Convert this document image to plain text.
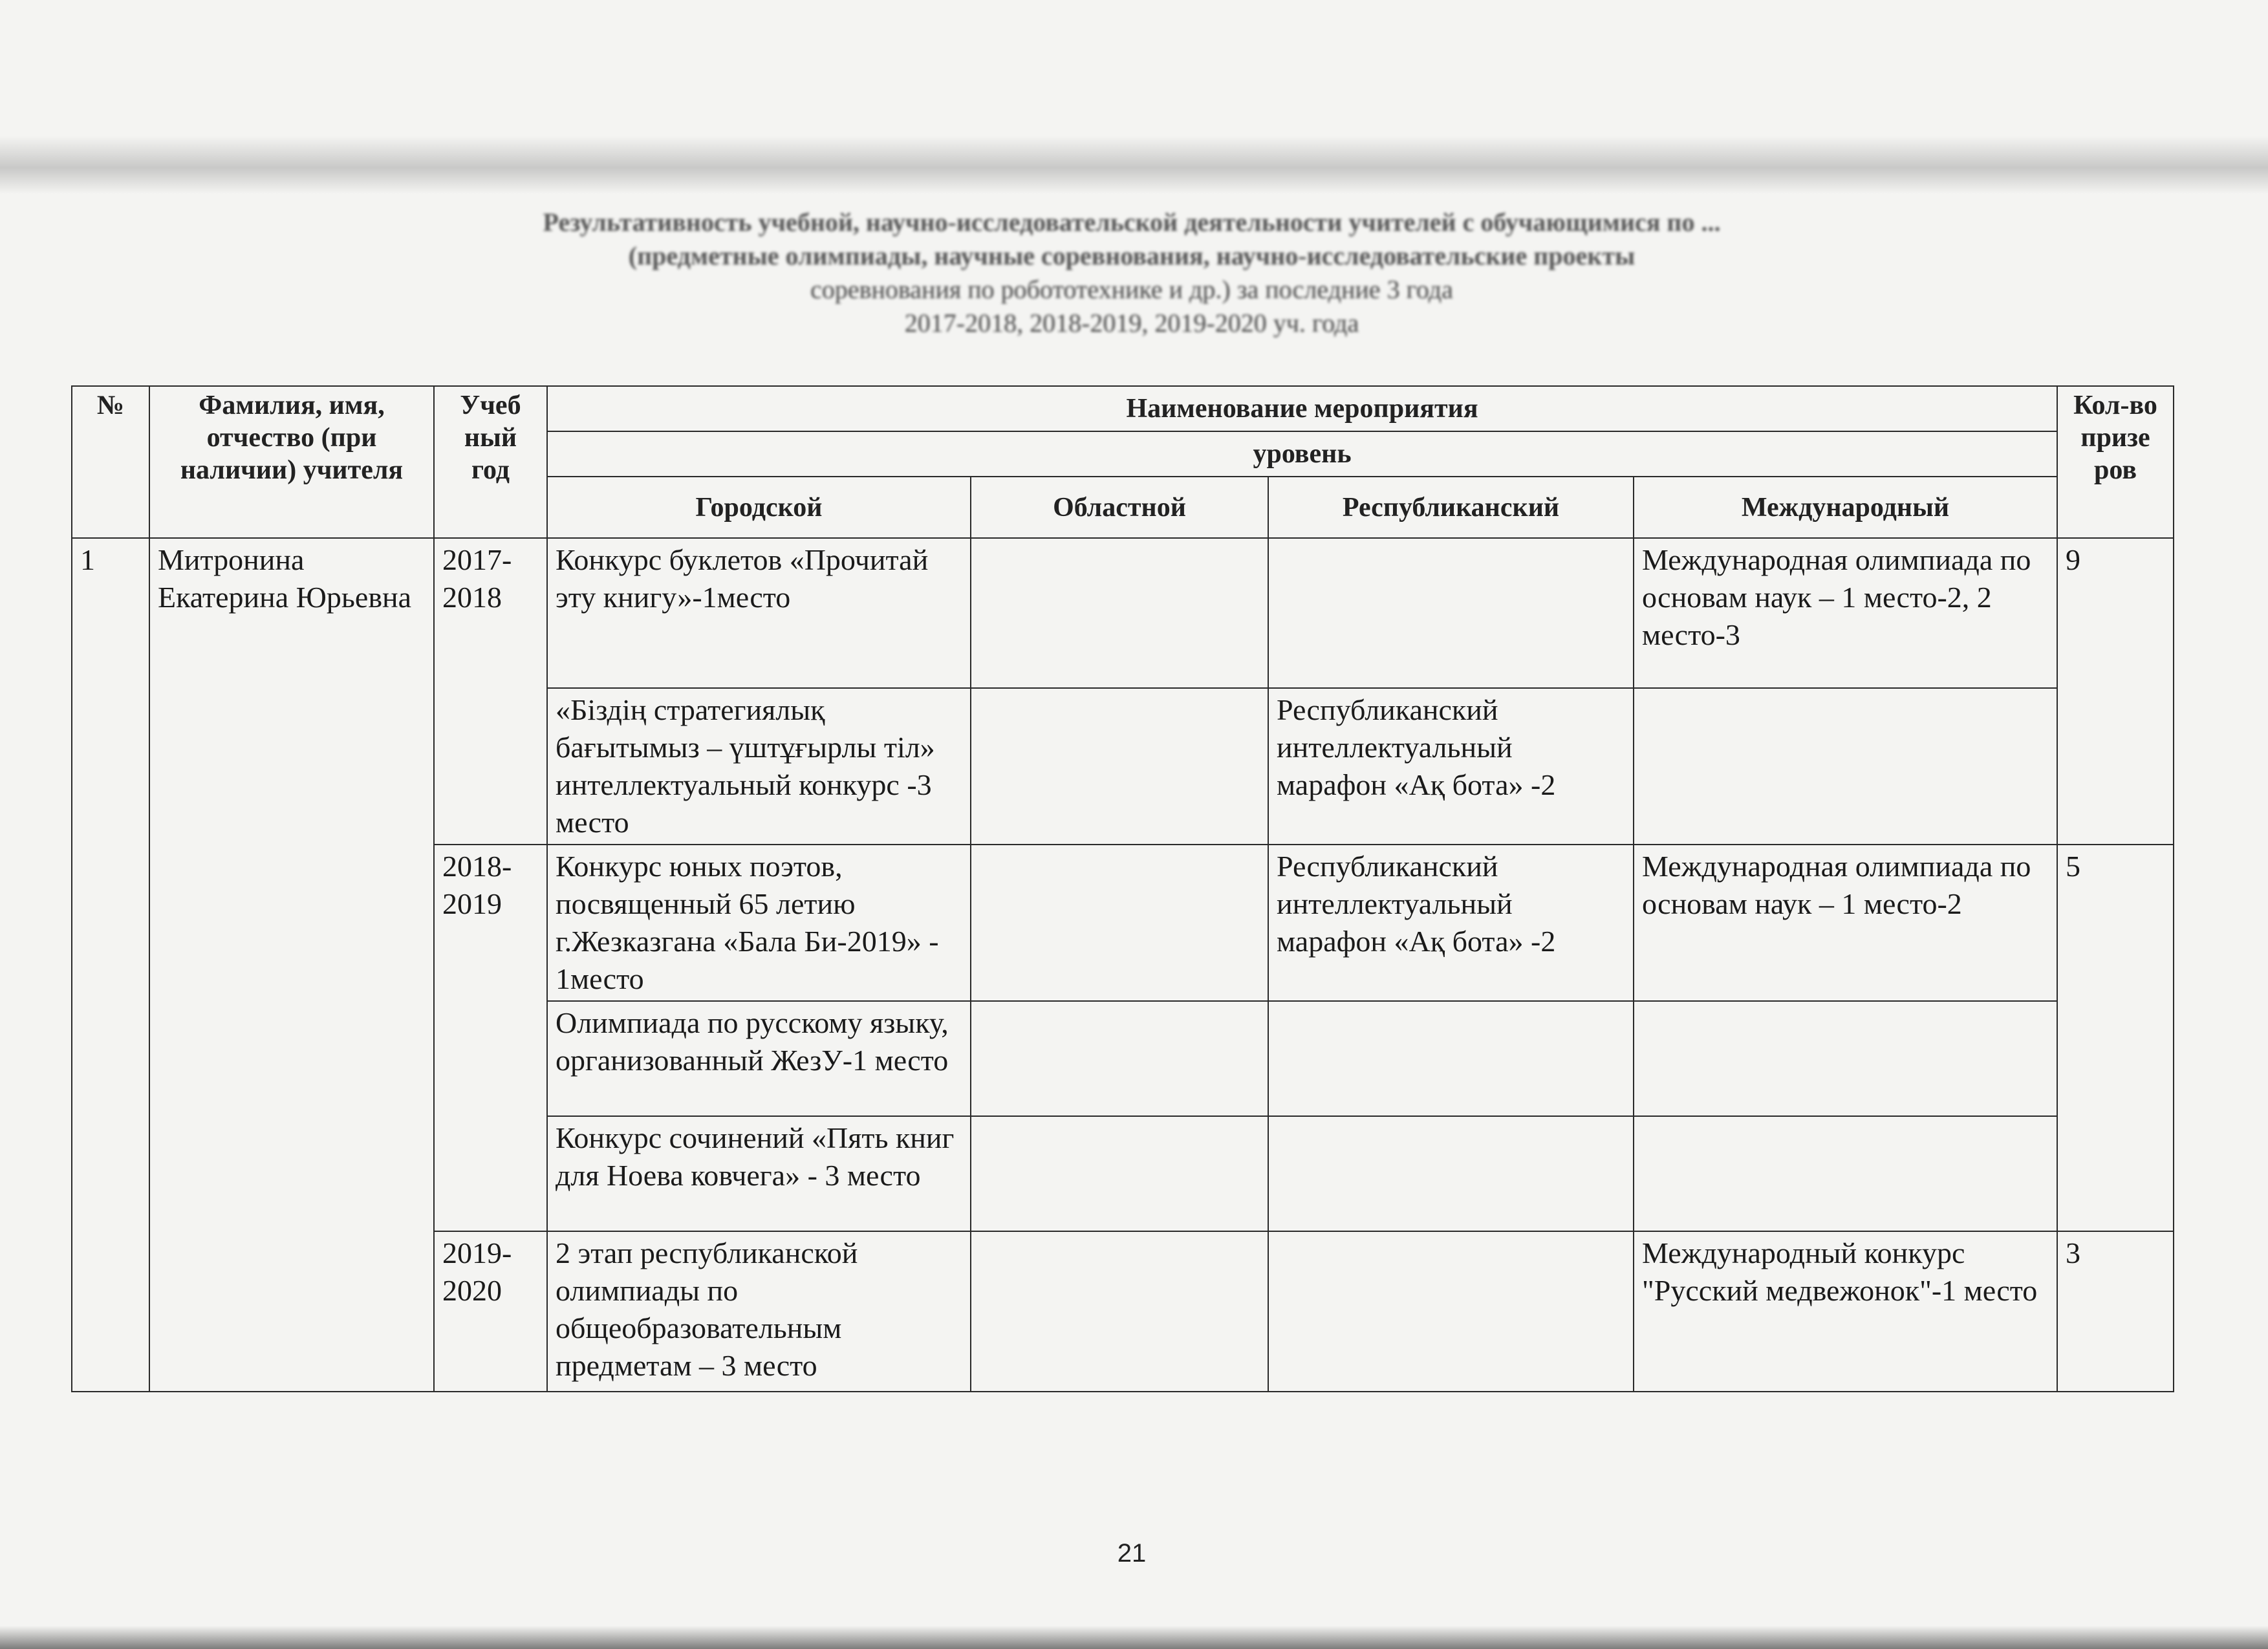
Результативность учебной, научно-исследовательской деятельности учителей с обучающимися по ...
(предметные олимпиады, научные соревнования, научно-исследовательские проекты
соревнования по робототехнике и др.) за последние 3 года
2017-2018, 2018-2019, 2019-2020 уч. года
№	Фамилия, имя, отчество (при наличии) учителя	Учеб ный год	Наименование мероприятия				Кол-во призе ров
			уровень				
			Городской	Областной	Республиканский	Международный	
1	Митронина Екатерина Юрьевна	2017-2018	Конкурс буклетов «Прочитай эту книгу»-1место			Международная олимпиада по основам наук – 1 место-2, 2 место-3	9
			«Біздің стратегиялық бағытымыз – үштұғырлы тіл» интеллектуальный конкурс -3 место		Республиканский интеллектуальный марафон «Ақ бота» -2		
		2018-2019	Конкурс юных поэтов, посвященный 65 летию г.Жезказгана «Бала Би-2019» - 1место		Республиканский интеллектуальный марафон «Ақ бота» -2	Международная олимпиада по основам наук – 1 место-2	5
			Олимпиада по русскому языку, организованный ЖезУ-1 место				
			Конкурс сочинений «Пять книг для Ноева ковчега» - 3 место				
		2019-2020	2 этап республиканской олимпиады по общеобразовательным предметам – 3 место			Международный конкурс "Русский медвежонок"-1 место	3
21
